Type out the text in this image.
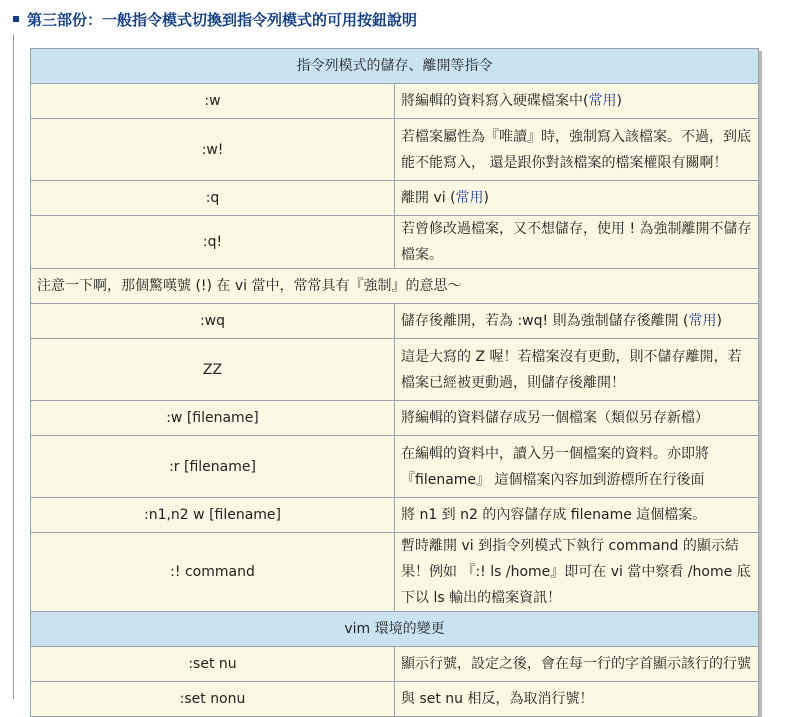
第三部份：一般指令模式切換到指令列模式的可用按鈕說明
指令列模式的儲存、離開等指令	
:w	將編輯的資料寫入硬碟檔案中(常用)
:w!	若檔案屬性為『唯讀』時，強制寫入該檔案。不過，到底能不能寫入， 還是跟你對該檔案的檔案權限有關啊！
:q	離開 vi (常用)
:q!	若曾修改過檔案，又不想儲存，使用 ! 為強制離開不儲存檔案。
注意一下啊，那個驚嘆號 (!) 在 vi 當中，常常具有『強制』的意思～	
:wq	儲存後離開，若為 :wq! 則為強制儲存後離開 (常用)
ZZ	這是大寫的 Z 喔！若檔案沒有更動，則不儲存離開，若檔案已經被更動過，則儲存後離開！
:w [filename]	將編輯的資料儲存成另一個檔案（類似另存新檔）
:r [filename]	在編輯的資料中，讀入另一個檔案的資料。亦即將 『filename』 這個檔案內容加到游標所在行後面
:n1,n2 w [filename]	將 n1 到 n2 的內容儲存成 filename 這個檔案。
:! command	暫時離開 vi 到指令列模式下執行 command 的顯示結果！例如 『:! ls /home』即可在 vi 當中察看 /home 底下以 ls 輸出的檔案資訊！
vim 環境的變更	
:set nu	顯示行號，設定之後，會在每一行的字首顯示該行的行號
:set nonu	與 set nu 相反，為取消行號！
